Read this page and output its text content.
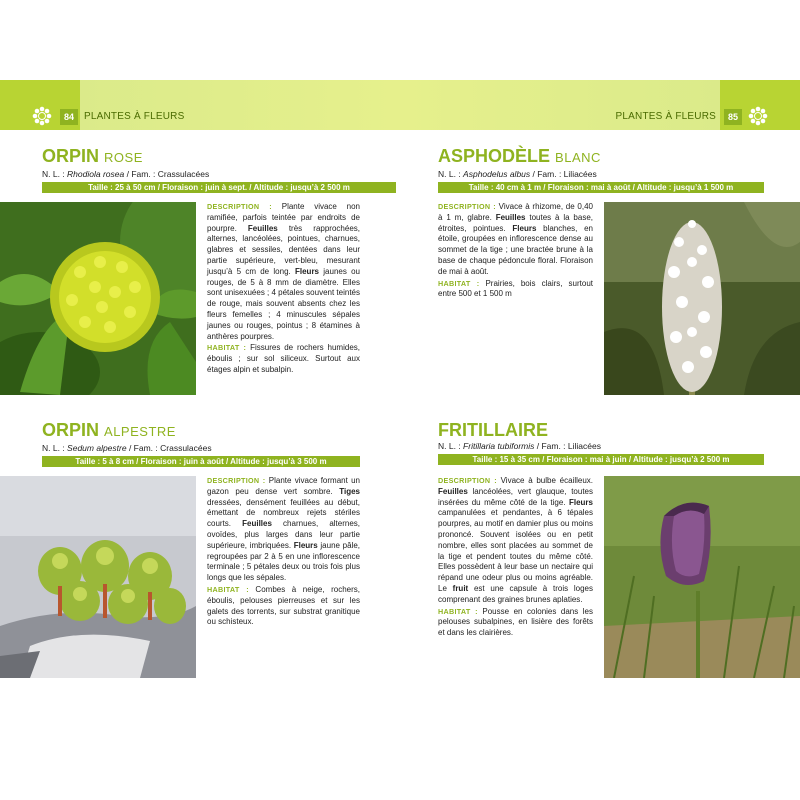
84	85
PLANTES À FLEURS	PLANTES À FLEURS
ORPIN ROSE
N. L. : Rhodiola rosea / Fam. : Crassulacées
Taille : 25 à 50 cm / Floraison : juin à sept. / Altitude : jusqu’à 2 500 m

DESCRIPTION : Plante vivace non ramifiée, parfois teintée par endroits de pourpre. Feuilles très rapprochées, alternes, lancéolées, pointues, charnues, glabres et sessiles, dentées dans leur partie supérieure, vert-bleu, mesurant jusqu’à 5 cm de long. Fleurs jaunes ou rouges, de 5 à 8 mm de diamètre. Elles sont unisexuées ; 4 pétales souvent teintés de rouge, mais souvent absents chez les fleurs femelles ; 4 minuscules sépales jaunes ou rouges, pointus ; 8 étamines à anthères pourpres.

HABITAT : Fissures de rochers humides, éboulis ; sur sol siliceux. Surtout aux étages alpin et subalpin.

ASPHODÈLE BLANC
N. L. : Asphodelus albus / Fam. : Liliacées
Taille : 40 cm à 1 m / Floraison : mai à août / Altitude : jusqu’à 1 500 m

DESCRIPTION : Vivace à rhizome, de 0,40 à 1 m, glabre. Feuilles toutes à la base, étroites, pointues. Fleurs blanches, en étoile, groupées en inflorescence dense au sommet de la tige ; une bractée brune à la base de chaque pédoncule floral. Floraison de mai à août.

HABITAT : Prairies, bois clairs, surtout entre 500 et 1 500 m

ORPIN ALPESTRE
N. L. : Sedum alpestre / Fam. : Crassulacées
Taille : 5 à 8 cm / Floraison : juin à août / Altitude : jusqu’à 3 500 m

DESCRIPTION : Plante vivace formant un gazon peu dense vert sombre. Tiges dressées, densément feuillées au début, émettant de nombreux rejets stériles courts. Feuilles charnues, alternes, ovoïdes, plus larges dans leur partie supérieure, imbriquées. Fleurs jaune pâle, regroupées par 2 à 5 en une inflorescence terminale ; 5 pétales deux ou trois fois plus longs que les sépales.

HABITAT : Combes à neige, rochers, éboulis, pelouses pierreuses et sur les galets des torrents, sur substrat granitique ou schisteux.

FRITILLAIRE
N. L. : Fritillaria tubiformis / Fam. : Liliacées
Taille : 15 à 35 cm / Floraison : mai à juin / Altitude : jusqu’à 2 500 m

DESCRIPTION : Vivace à bulbe écailleux. Feuilles lancéolées, vert glauque, toutes insérées du même côté de la tige. Fleurs campanulées et pendantes, à 6 tépales pourpres, au motif en damier plus ou moins prononcé. Souvent isolées ou en petit nombre, elles sont placées au sommet de la tige et pendent toutes du même côté. Elles possèdent à leur base un nectaire qui répand une odeur plus ou moins agréable. Le fruit est une capsule à trois loges comprenant des graines brunes aplaties.

HABITAT : Pousse en colonies dans les pelouses subalpines, en lisière des forêts et dans les clairières.
